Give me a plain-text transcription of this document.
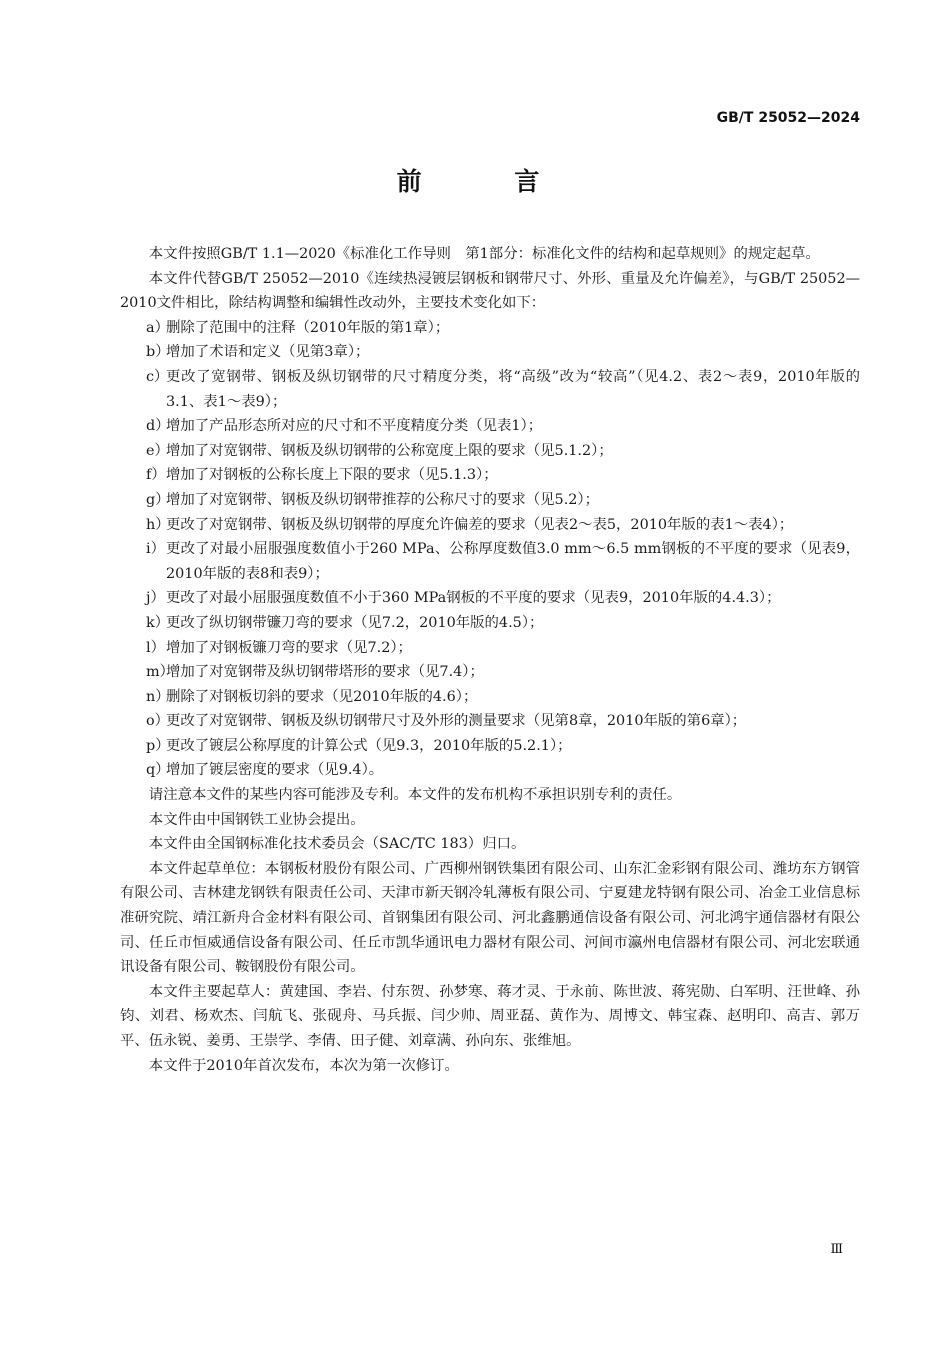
GB/T 25052—2024
前 言

本文件按照GB/T 1.1—2020《标准化工作导则　第1部分：标准化文件的结构和起草规则》的规定起草。

本文件代替GB/T 25052—2010《连续热浸镀层钢板和钢带尺寸、外形、重量及允许偏差》，与GB/T 25052—2010文件相比，除结构调整和编辑性改动外，主要技术变化如下：

a）
删除了范围中的注释（2010年版的第1章）；
b）
增加了术语和定义（见第3章）；
c）
更改了宽钢带、钢板及纵切钢带的尺寸精度分类，将“高级”改为“较高”（见4.2、表2～表9，2010年版的3.1、表1～表9）；
d）
增加了产品形态所对应的尺寸和不平度精度分类（见表1）；
e）
增加了对宽钢带、钢板及纵切钢带的公称宽度上限的要求（见5.1.2）；
f） 增加了对钢板的公称长度上下限的要求（见5.1.3）；
g）
增加了对宽钢带、钢板及纵切钢带推荐的公称尺寸的要求（见5.2）；
h）
更改了对宽钢带、钢板及纵切钢带的厚度允许偏差的要求（见表2～表5，2010年版的表1～表4）；
i） 更改了对最小屈服强度数值小于260 MPa、公称厚度数值3.0 mm～6.5 mm钢板的不平度的要求（见表9，2010年版的表8和表9）；
j） 更改了对最小屈服强度数值不小于360 MPa钢板的不平度的要求（见表9，2010年版的4.4.3）；
k）
更改了纵切钢带镰刀弯的要求（见7.2，2010年版的4.5）；
l） 增加了对钢板镰刀弯的要求（见7.2）；
m）
增加了对宽钢带及纵切钢带塔形的要求（见7.4）；
n）
删除了对钢板切斜的要求（见2010年版的4.6）；
o）
更改了对宽钢带、钢板及纵切钢带尺寸及外形的测量要求（见第8章，2010年版的第6章）；
p）
更改了镀层公称厚度的计算公式（见9.3，2010年版的5.2.1）；
q）
增加了镀层密度的要求（见9.4）。

请注意本文件的某些内容可能涉及专利。本文件的发布机构不承担识别专利的责任。

本文件由中国钢铁工业协会提出。

本文件由全国钢标准化技术委员会（SAC/TC 183）归口。

本文件起草单位：本钢板材股份有限公司、广西柳州钢铁集团有限公司、山东汇金彩钢有限公司、潍坊东方钢管有限公司、吉林建龙钢铁有限责任公司、天津市新天钢冷轧薄板有限公司、宁夏建龙特钢有限公司、冶金工业信息标准研究院、靖江新舟合金材料有限公司、首钢集团有限公司、河北鑫鹏通信设备有限公司、河北鸿宇通信器材有限公司、任丘市恒威通信设备有限公司、任丘市凯华通讯电力器材有限公司、河间市瀛州电信器材有限公司、河北宏联通讯设备有限公司、鞍钢股份有限公司。

本文件主要起草人：黄建国、李岩、付东贺、孙梦寒、蒋才灵、于永前、陈世波、蒋宪勋、白军明、汪世峰、孙钧、刘君、杨欢杰、闫航飞、张砚舟、马兵振、闫少帅、周亚磊、黄作为、周博文、韩宝森、赵明印、高吉、郭万平、伍永锐、姜勇、王崇学、李倩、田子健、刘章满、孙向东、张维旭。

本文件于2010年首次发布，本次为第一次修订。

Ⅲ
